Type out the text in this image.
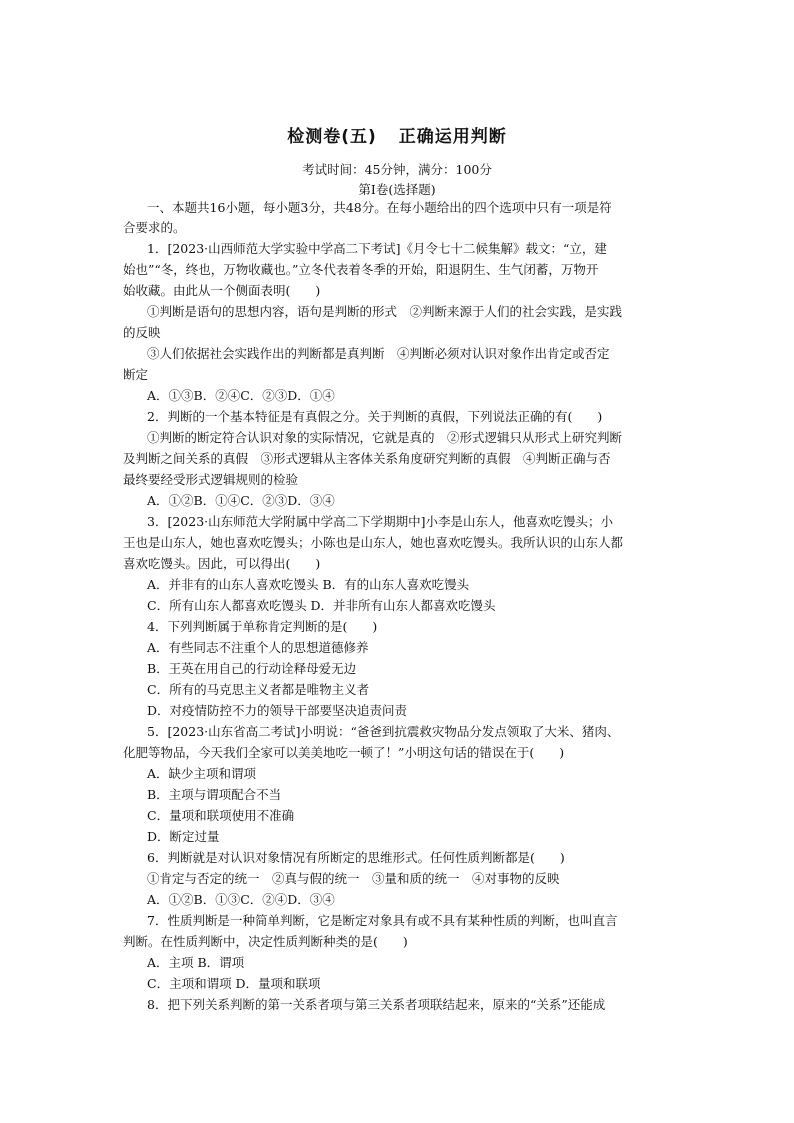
检测卷(五) 正确运用判断
考试时间：45分钟，满分：100分
第Ⅰ卷(选择题)
一、本题共16小题，每小题3分，共48分。在每小题给出的四个选项中只有一项是符
合要求的。
1．[2023·山西师范大学实验中学高二下考试]《月令七十二候集解》载文：“立，建
始也”“冬，终也，万物收藏也。”立冬代表着冬季的开始，阳退阴生、生气闭蓄，万物开
始收藏。由此从一个侧面表明(　　)
①判断是语句的思想内容，语句是判断的形式　②判断来源于人们的社会实践，是实践
的反映
③人们依据社会实践作出的判断都是真判断　④判断必须对认识对象作出肯定或否定
断定
A．①③B．②④C．②③D．①④
2．判断的一个基本特征是有真假之分。关于判断的真假，下列说法正确的有(　　)
①判断的断定符合认识对象的实际情况，它就是真的　②形式逻辑只从形式上研究判断
及判断之间关系的真假　③形式逻辑从主客体关系角度研究判断的真假　④判断正确与否
最终要经受形式逻辑规则的检验
A．①②B．①④C．②③D．③④
3．[2023·山东师范大学附属中学高二下学期期中]小李是山东人，他喜欢吃馒头；小
王也是山东人，她也喜欢吃馒头；小陈也是山东人，她也喜欢吃馒头。我所认识的山东人都
喜欢吃馒头。因此，可以得出(　　)
A．并非有的山东人喜欢吃馒头 B．有的山东人喜欢吃馒头
C．所有山东人都喜欢吃馒头 D．并非所有山东人都喜欢吃馒头
4．下列判断属于单称肯定判断的是(　　)
A．有些同志不注重个人的思想道德修养
B．王英在用自己的行动诠释母爱无边
C．所有的马克思主义者都是唯物主义者
D．对疫情防控不力的领导干部要坚决追责问责
5．[2023·山东省高二考试]小明说：“爸爸到抗震救灾物品分发点领取了大米、猪肉、
化肥等物品，今天我们全家可以美美地吃一顿了！”小明这句话的错误在于(　　)
A．缺少主项和谓项
B．主项与谓项配合不当
C．量项和联项使用不准确
D．断定过量
6．判断就是对认识对象情况有所断定的思维形式。任何性质判断都是(　　)
①肯定与否定的统一　②真与假的统一　③量和质的统一　④对事物的反映
A．①②B．①③C．②④D．③④
7．性质判断是一种简单判断，它是断定对象具有或不具有某种性质的判断，也叫直言
判断。在性质判断中，决定性质判断种类的是(　　)
A．主项 B．谓项
C．主项和谓项 D．量项和联项
8．把下列关系判断的第一关系者项与第三关系者项联结起来，原来的“关系”还能成
